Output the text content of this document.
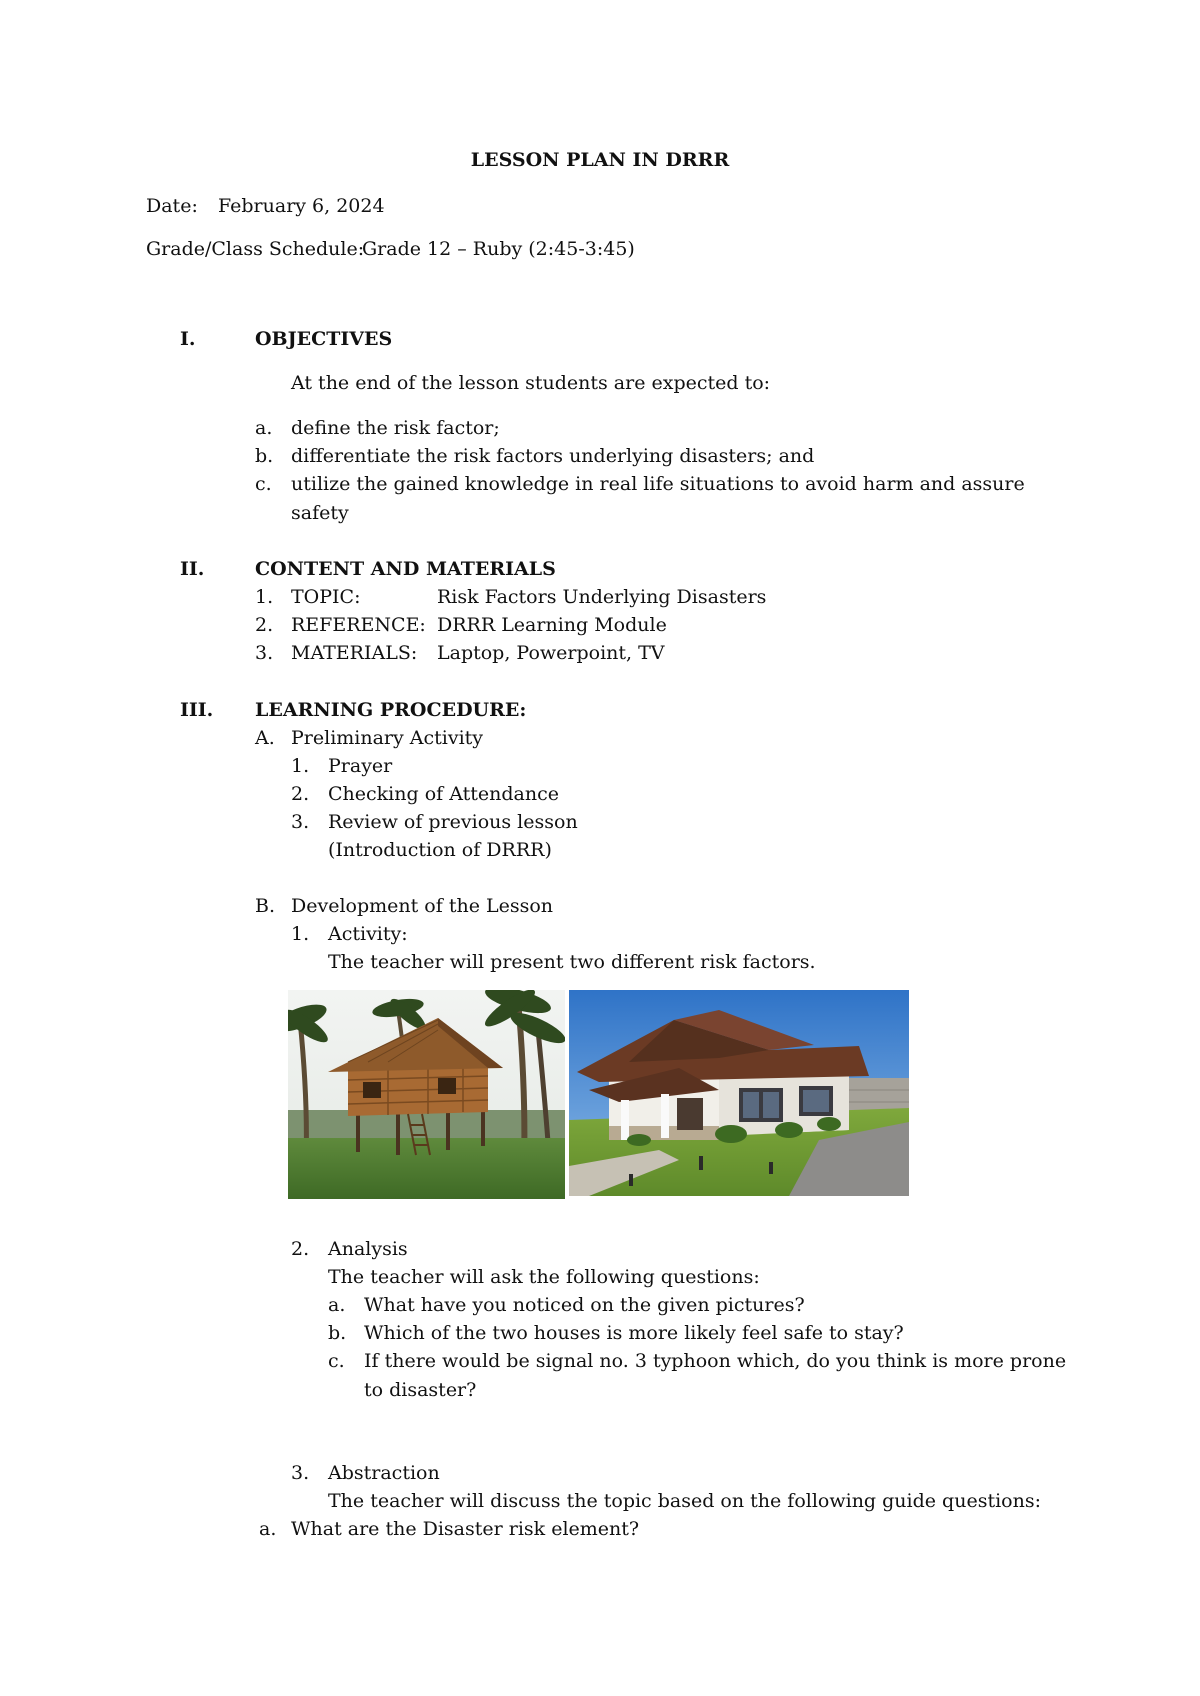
LESSON PLAN IN DRRR
Date: February 6, 2024
Grade/Class Schedule:
Grade 12 – Ruby (2:45-3:45)
I.	OBJECTIVES
At the end of the lesson students are expected to:
a. define the risk factor;
b. differentiate the risk factors underlying disasters; and
c. utilize the gained knowledge in real life situations to avoid harm and assure
safety
II.	CONTENT AND MATERIALS
1. TOPIC:	Risk Factors Underlying Disasters
2. REFERENCE: DRRR Learning Module
3. MATERIALS: Laptop, Powerpoint, TV
III. LEARNING PROCEDURE:
A. Preliminary Activity
1. Prayer
2. Checking of Attendance
3. Review of previous lesson
(Introduction of DRRR)
B. Development of the Lesson
1. Activity:
The teacher will present two different risk factors.
2. Analysis
The teacher will ask the following questions:
a. What have you noticed on the given pictures?
b. Which of the two houses is more likely feel safe to stay?
c. If there would be signal no. 3 typhoon which, do you think is more prone
to disaster?
3. Abstraction
The teacher will discuss the topic based on the following guide questions:
a. What are the Disaster risk element?
